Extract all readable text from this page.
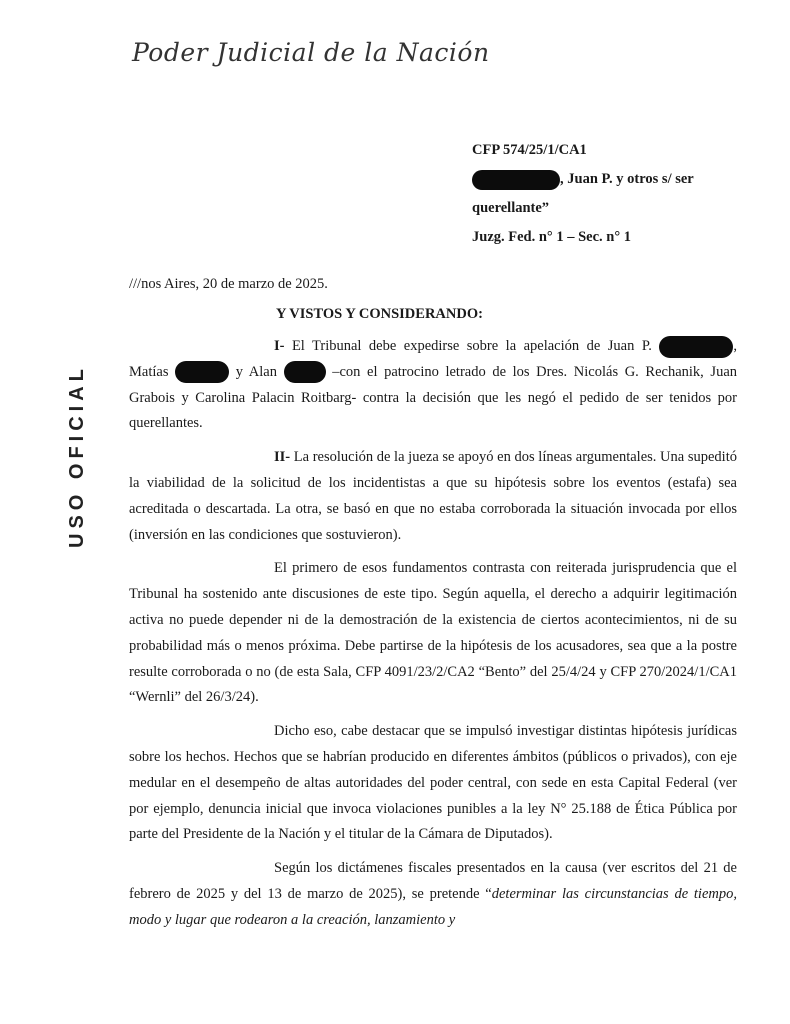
Poder Judicial de la Nación
USO OFICIAL
CFP 574/25/1/CA1
, Juan P. y otros s/ ser
querellante”
Juzg. Fed. n° 1 – Sec. n° 1
///nos Aires, 20 de marzo de 2025.
Y VISTOS Y CONSIDERANDO:

I- El Tribunal debe expedirse sobre la apelación de Juan P.	, Matías	y Alan	–con el patrocino letrado de los Dres. Nicolás G. Rechanik, Juan Grabois y Carolina Palacin Roitbarg- contra la decisión que les negó el pedido de ser tenidos por querellantes.

II- La resolución de la jueza se apoyó en dos líneas argumentales. Una supeditó la viabilidad de la solicitud de los incidentistas a que su hipótesis sobre los eventos (estafa) sea acreditada o descartada. La otra, se basó en que no estaba corroborada la situación invocada por ellos (inversión en las condiciones que sostuvieron).

El primero de esos fundamentos contrasta con reiterada jurisprudencia que el Tribunal ha sostenido ante discusiones de este tipo. Según aquella, el derecho a adquirir legitimación activa no puede depender ni de la demostración de la existencia de ciertos acontecimientos, ni de su probabilidad más o menos próxima. Debe partirse de la hipótesis de los acusadores, sea que a la postre resulte corroborada o no (de esta Sala, CFP 4091/23/2/CA2 “Bento” del 25/4/24 y CFP 270/2024/1/CA1 “Wernli” del 26/3/24).

Dicho eso, cabe destacar que se impulsó investigar distintas hipótesis jurídicas sobre los hechos. Hechos que se habrían producido en diferentes ámbitos (públicos o privados), con eje medular en el desempeño de altas autoridades del poder central, con sede en esta Capital Federal (ver por ejemplo, denuncia inicial que invoca violaciones punibles a la ley N° 25.188 de Ética Pública por parte del Presidente de la Nación y el titular de la Cámara de Diputados).

Según los dictámenes fiscales presentados en la causa (ver escritos del 21 de febrero de 2025 y del 13 de marzo de 2025), se pretende “determinar las circunstancias de tiempo, modo y lugar que rodearon a la creación, lanzamiento y
